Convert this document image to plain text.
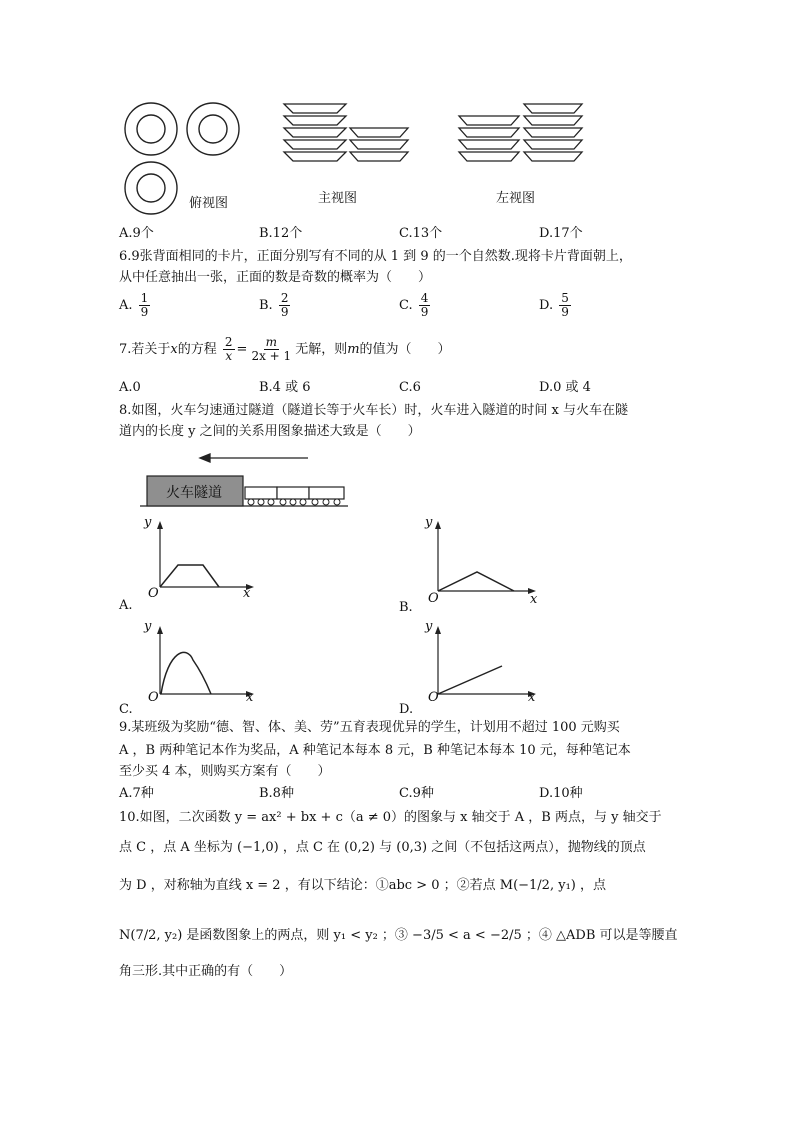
俯视图	主视图	左视图
A.9个	B.12个	C.13个	D.17个
6.9张背面相同的卡片，正面分别写有不同的从 1 到 9 的一个自然数.现将卡片背面朝上，
从中任意抽出一张，正面的数是奇数的概率为（　　）
A. $\frac{1}{9}$	B. $\frac{2}{9}$	C. $\frac{4}{9}$	D. $\frac{5}{9}$
7.若关于x的方程 $\frac{2}{x} = \frac{m}{2x + 1}$ 无解，则m的值为（　　）
A.0	B.4 或 6	C.6	D.0 或 4
8.如图，火车匀速通过隧道（隧道长等于火车长）时，火车进入隧道的时间 x 与火车在隧
道内的长度 y 之间的关系用图象描述大致是（　　）
火车隧道
y
x
O
A.
y
x
O
B.
y
x
O
C.
y
x
O
D.
9.某班级为奖励“德、智、体、美、劳”五育表现优异的学生，计划用不超过 100 元购买
A ，B 两种笔记本作为奖品，A 种笔记本每本 8 元，B 种笔记本每本 10 元，每种笔记本
至少买 4 本，则购买方案有（　　）
A.7种	B.8种	C.9种	D.10种
10.如图，二次函数 y = ax² + bx + c（a ≠ 0）的图象与 x 轴交于 A ，B 两点，与 y 轴交于
点 C ，点 A 坐标为 (−1,0) ，点 C 在 (0,2) 与 (0,3) 之间（不包括这两点），抛物线的顶点
为 D ，对称轴为直线 x = 2 ，有以下结论：①abc > 0 ；②若点 M(−1/2, y₁) ，点
N(7/2, y₂) 是函数图象上的两点，则 y₁ < y₂ ；③ −3/5 < a < −2/5 ；④ △ADB 可以是等腰直
角三形.其中正确的有（　　）
